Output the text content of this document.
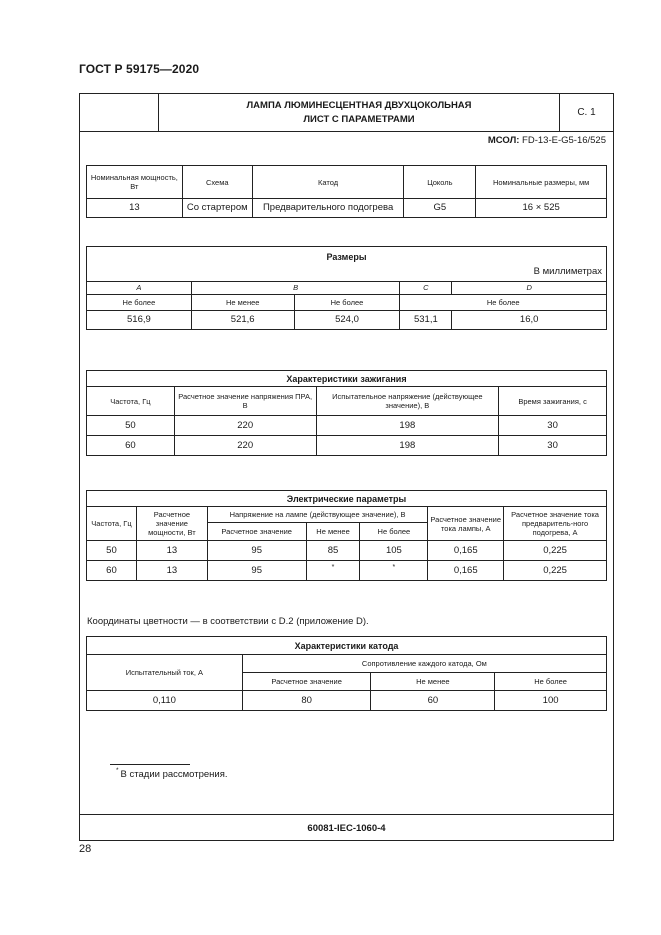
ГОСТ Р 59175—2020
ЛАМПА ЛЮМИНЕСЦЕНТНАЯ ДВУХЦОКОЛЬНАЯ
ЛИСТ С ПАРАМЕТРАМИ
С. 1
МСОЛ: FD-13-E-G5-16/525
Номинальная мощность, Вт	Схема	Катод	Цоколь	Номинальные размеры, мм
13	Со стартером	Предварительного подогрева	G5	16 × 525
Размеры
В миллиметрах				

A	B		C	D
Не более	Не менее	Не более	Не более	
516,9	521,6	524,0	531,1	16,0
Характеристики зажигания			
Частота, Гц	Расчетное значение напряжения ПРА, В	Испытательное напряжение (действующее значение), В	Время зажигания, с
50	220	198	30
60	220	198	30
Электрические параметры						
Частота, Гц	Расчетное значение мощности, Вт	Напряжение на лампе (действующее значение), В			Расчетное значение тока лампы, А	Расчетное значение тока предваритель-ного подогрева, А
		Расчетное значение	Не менее	Не более		
50	13	95	85	105	0,165	0,225
60	13	95	*	*	0,165	0,225
Координаты цветности — в соответствии с D.2 (приложение D).
Характеристики катода			
Испытательный ток, А	Сопротивление каждого катода, Ом		
	Расчетное значение	Не менее	Не более
0,110	80	60	100
* В стадии рассмотрения.
60081-IEC-1060-4
28
